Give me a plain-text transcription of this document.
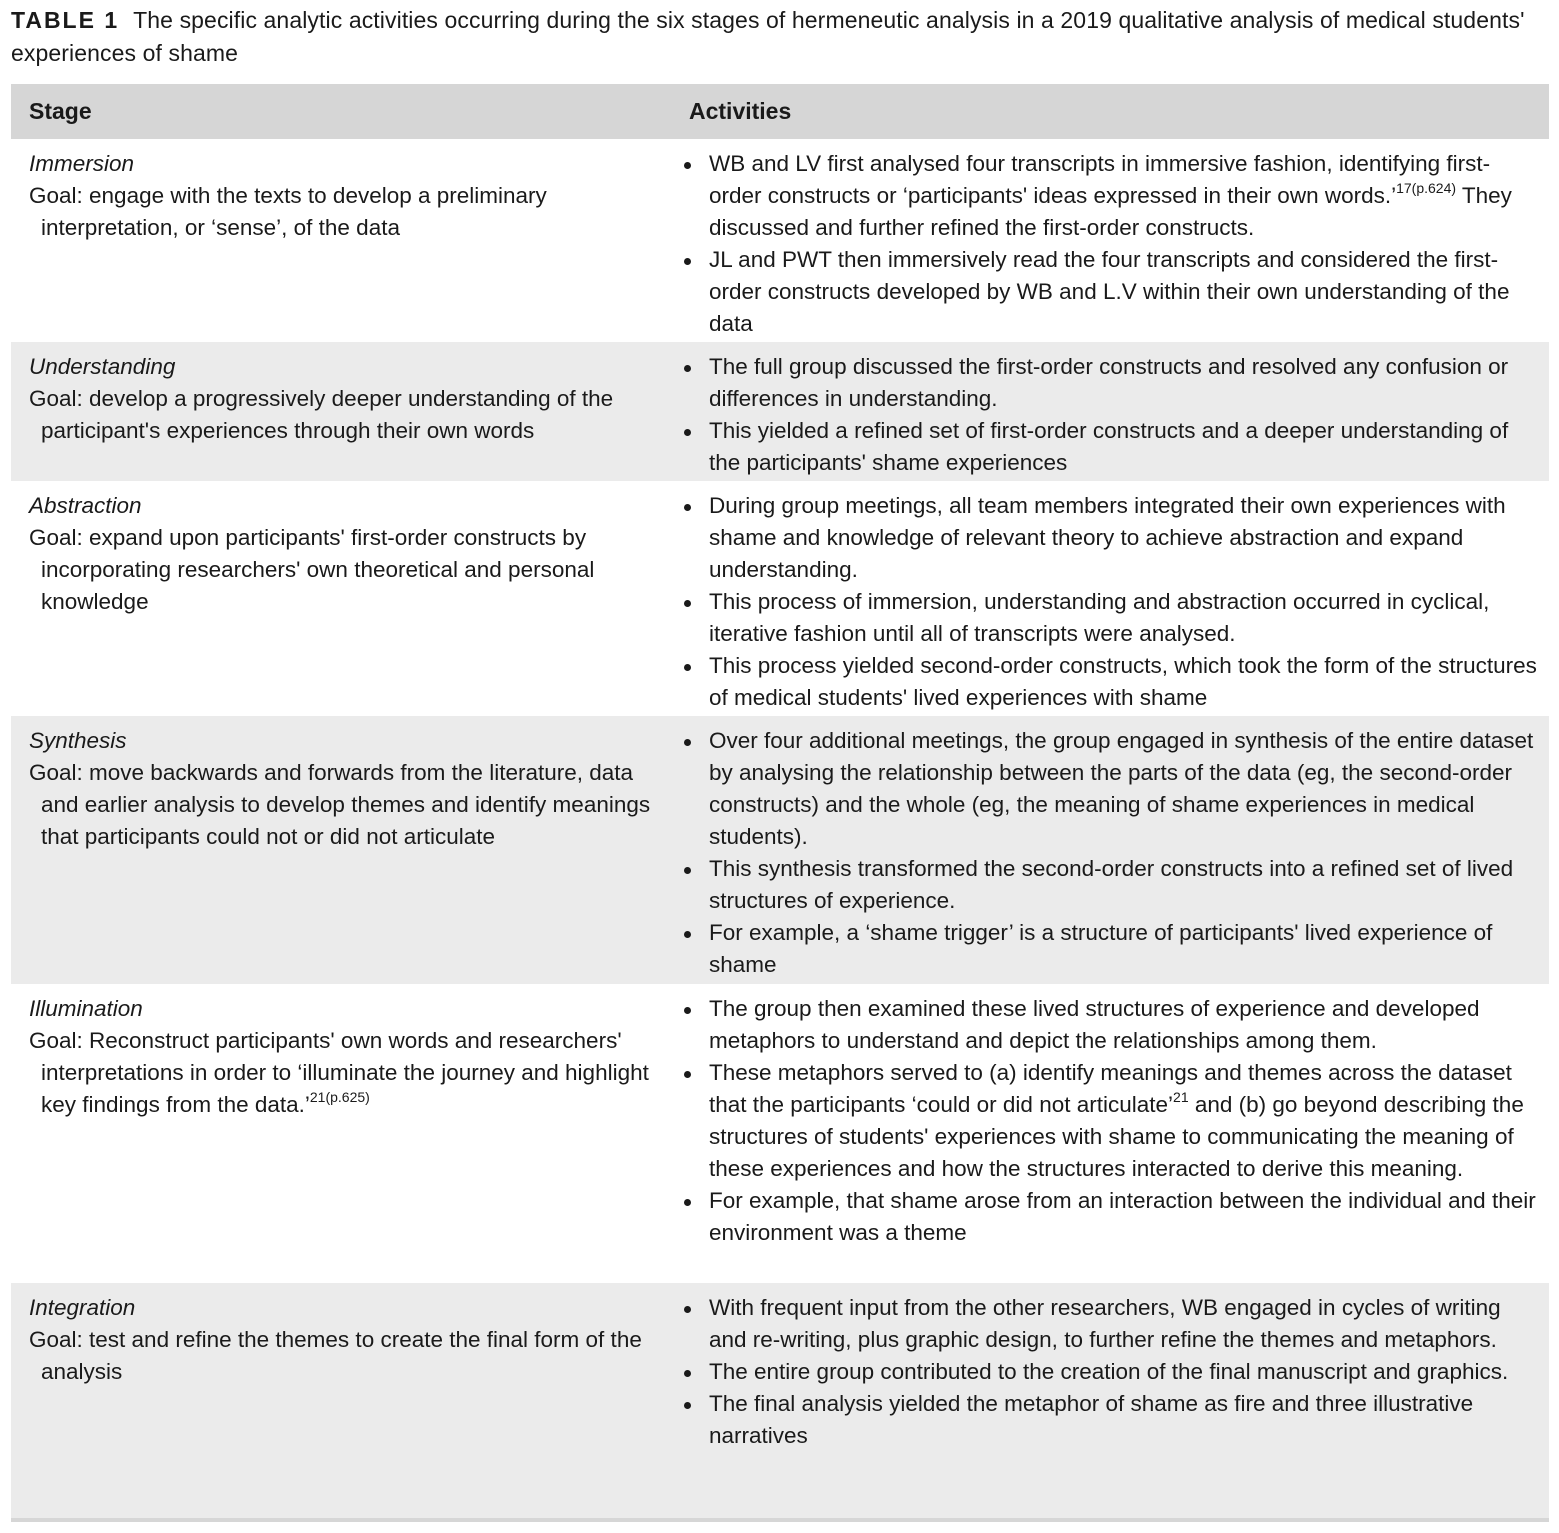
TABLE 1 The specific analytic activities occurring during the six stages of hermeneutic analysis in a 2019 qualitative analysis of medical students' experiences of shame
Stage	Activities
Immersion
Goal: engage with the texts to develop a preliminary interpretation, or ‘sense’, of the data
WB and LV first analysed four transcripts in immersive fashion, identifying first-order constructs or ‘participants' ideas expressed in their own words.’$^{17(p.624)}$ They discussed and further refined the first-order constructs.
JL and PWT then immersively read the four transcripts and considered the first-order constructs developed by WB and L.V within their own understanding of the data
Understanding
Goal: develop a progressively deeper understanding of the participant's experiences through their own words
The full group discussed the first-order constructs and resolved any confusion or differences in understanding.
This yielded a refined set of first-order constructs and a deeper understanding of the participants' shame experiences
Abstraction
Goal: expand upon participants' first-order constructs by incorporating researchers' own theoretical and personal knowledge
During group meetings, all team members integrated their own experiences with shame and knowledge of relevant theory to achieve abstraction and expand understanding.
This process of immersion, understanding and abstraction occurred in cyclical, iterative fashion until all of transcripts were analysed.
This process yielded second-order constructs, which took the form of the structures of medical students' lived experiences with shame
Synthesis
Goal: move backwards and forwards from the literature, data and earlier analysis to develop themes and identify meanings that participants could not or did not articulate
Over four additional meetings, the group engaged in synthesis of the entire dataset by analysing the relationship between the parts of the data (eg, the second-order constructs) and the whole (eg, the meaning of shame experiences in medical students).
This synthesis transformed the second-order constructs into a refined set of lived structures of experience.
For example, a ‘shame trigger’ is a structure of participants' lived experience of shame
Illumination
Goal: Reconstruct participants' own words and researchers' interpretations in order to ‘illuminate the journey and highlight key findings from the data.’$^{21(p.625)}$
The group then examined these lived structures of experience and developed metaphors to understand and depict the relationships among them.
These metaphors served to (a) identify meanings and themes across the dataset that the participants ‘could or did not articulate’$^{21}$ and (b) go beyond describing the structures of students' experiences with shame to communicating the meaning of these experiences and how the structures interacted to derive this meaning.
For example, that shame arose from an interaction between the individual and their environment was a theme
Integration
Goal: test and refine the themes to create the final form of the analysis
With frequent input from the other researchers, WB engaged in cycles of writing and re-writing, plus graphic design, to further refine the themes and metaphors.
The entire group contributed to the creation of the final manuscript and graphics.
The final analysis yielded the metaphor of shame as fire and three illustrative narratives
